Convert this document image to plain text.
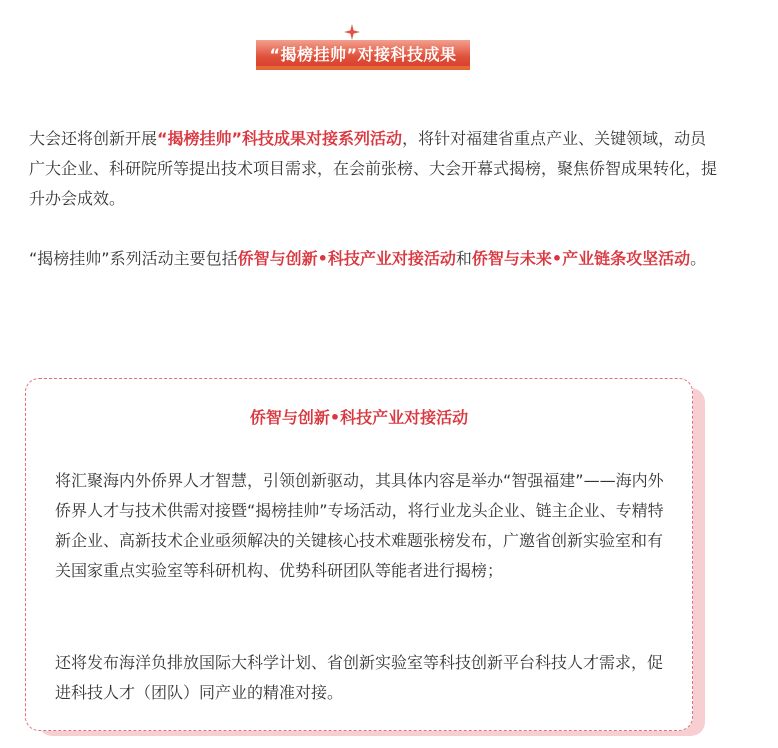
“揭榜挂帅”对接科技成果

大会还将创新开展“揭榜挂帅”科技成果对接系列活动，将针对福建省重点产业、关键领域，动员广大企业、科研院所等提出技术项目需求，在会前张榜、大会开幕式揭榜，聚焦侨智成果转化，提升办会成效。

“揭榜挂帅”系列活动主要包括侨智与创新•科技产业对接活动和侨智与未来•产业链条攻坚活动。

侨智与创新•科技产业对接活动

将汇聚海内外侨界人才智慧，引领创新驱动，其具体内容是举办“智强福建”——海内外侨界人才与技术供需对接暨“揭榜挂帅”专场活动，将行业龙头企业、链主企业、专精特新企业、高新技术企业亟须解决的关键核心技术难题张榜发布，广邀省创新实验室和有关国家重点实验室等科研机构、优势科研团队等能者进行揭榜；

还将发布海洋负排放国际大科学计划、省创新实验室等科技创新平台科技人才需求，促进科技人才（团队）同产业的精准对接。
